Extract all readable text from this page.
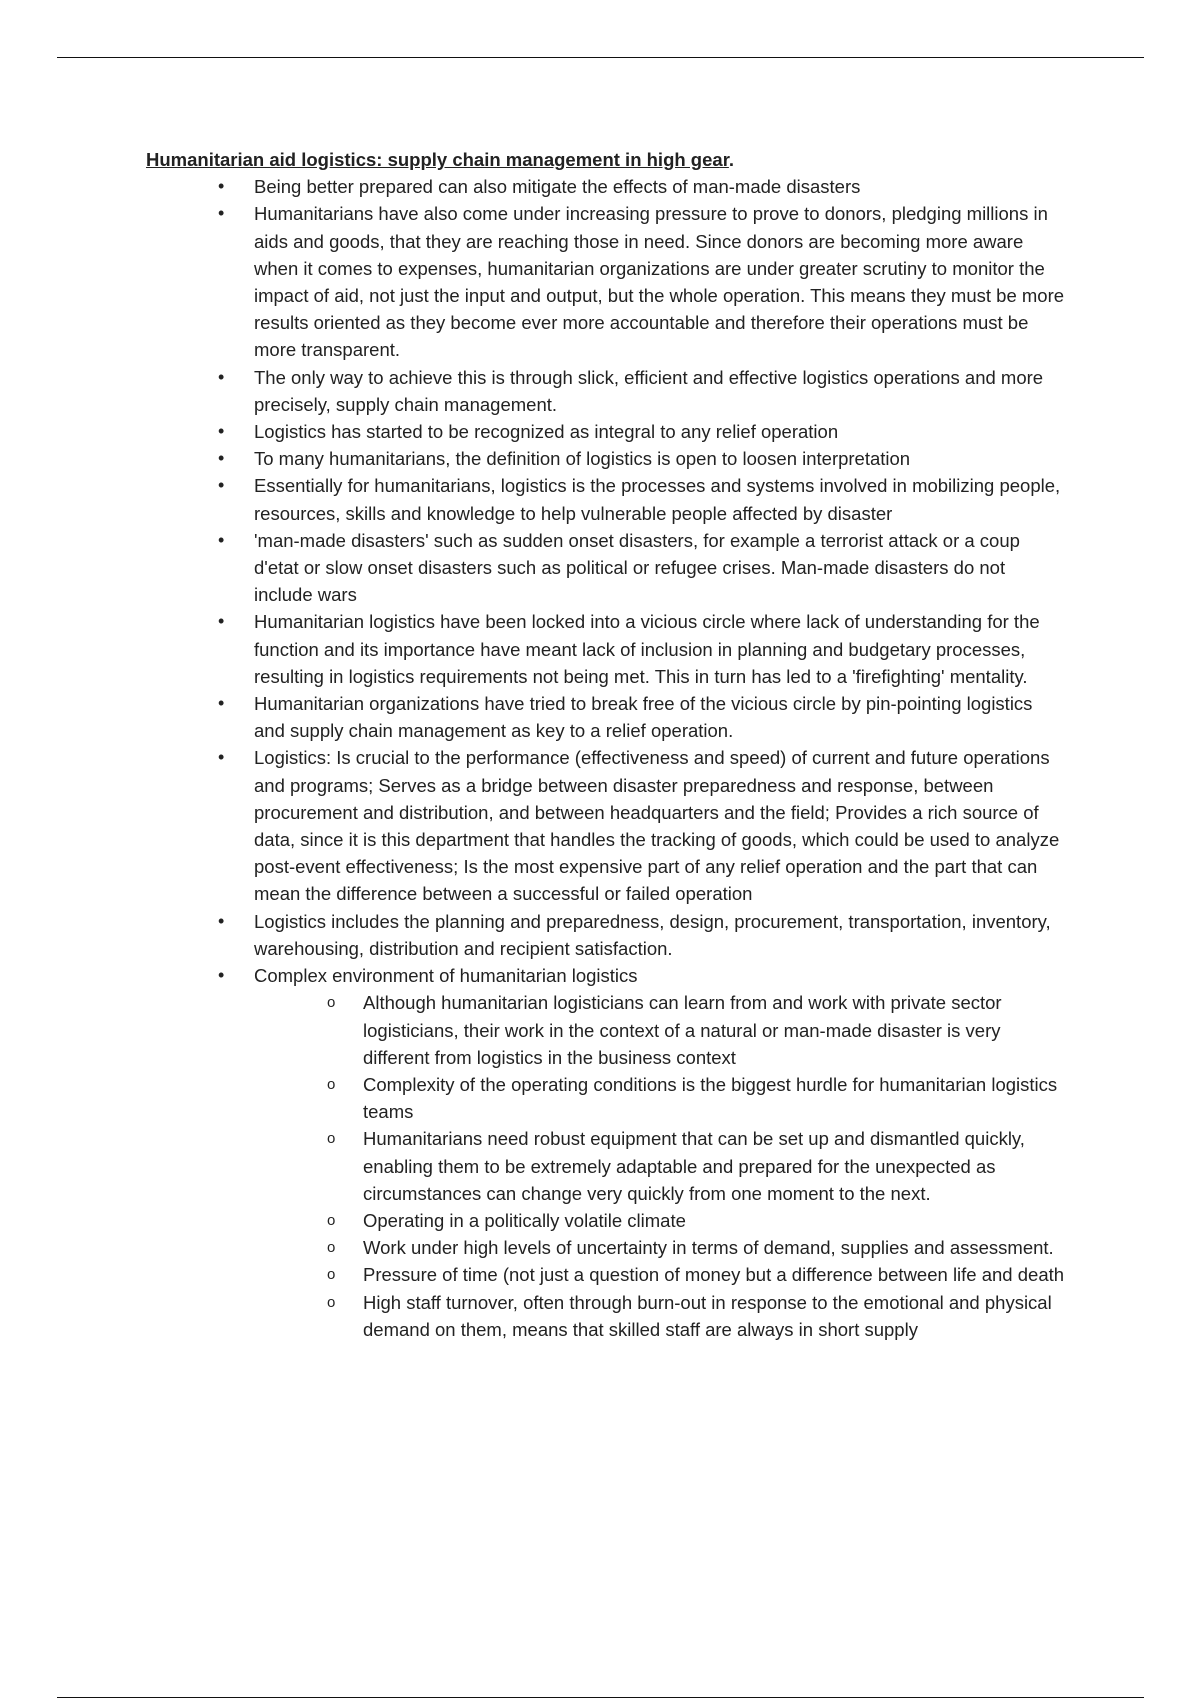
Humanitarian aid logistics: supply chain management in high gear.

• Being better prepared can also mitigate the effects of man-made disasters
• Humanitarians have also come under increasing pressure to prove to donors, pledging millions in aids and goods, that they are reaching those in need. Since donors are becoming more aware when it comes to expenses, humanitarian organizations are under greater scrutiny to monitor the impact of aid, not just the input and output, but the whole operation. This means they must be more results oriented as they become ever more accountable and therefore their operations must be more transparent.
• The only way to achieve this is through slick, efficient and effective logistics operations and more precisely, supply chain management.
• Logistics has started to be recognized as integral to any relief operation
• To many humanitarians, the definition of logistics is open to loosen interpretation
• Essentially for humanitarians, logistics is the processes and systems involved in mobilizing people, resources, skills and knowledge to help vulnerable people affected by disaster
• 'man-made disasters' such as sudden onset disasters, for example a terrorist attack or a coup d'etat or slow onset disasters such as political or refugee crises. Man-made disasters do not include wars
• Humanitarian logistics have been locked into a vicious circle where lack of understanding for the function and its importance have meant lack of inclusion in planning and budgetary processes, resulting in logistics requirements not being met. This in turn has led to a 'firefighting' mentality.
• Humanitarian organizations have tried to break free of the vicious circle by pin-pointing logistics and supply chain management as key to a relief operation.
• Logistics: Is crucial to the performance (effectiveness and speed) of current and future operations and programs; Serves as a bridge between disaster preparedness and response, between procurement and distribution, and between headquarters and the field; Provides a rich source of data, since it is this department that handles the tracking of goods, which could be used to analyze post-event effectiveness; Is the most expensive part of any relief operation and the part that can mean the difference between a successful or failed operation
• Logistics includes the planning and preparedness, design, procurement, transportation, inventory, warehousing, distribution and recipient satisfaction.
• Complex environment of humanitarian logistics
o Although humanitarian logisticians can learn from and work with private sector logisticians, their work in the context of a natural or man-made disaster is very different from logistics in the business context
o Complexity of the operating conditions is the biggest hurdle for humanitarian logistics teams
o Humanitarians need robust equipment that can be set up and dismantled quickly, enabling them to be extremely adaptable and prepared for the unexpected as circumstances can change very quickly from one moment to the next.
o Operating in a politically volatile climate
o Work under high levels of uncertainty in terms of demand, supplies and assessment.
o Pressure of time (not just a question of money but a difference between life and death
o High staff turnover, often through burn-out in response to the emotional and physical demand on them, means that skilled staff are always in short supply
